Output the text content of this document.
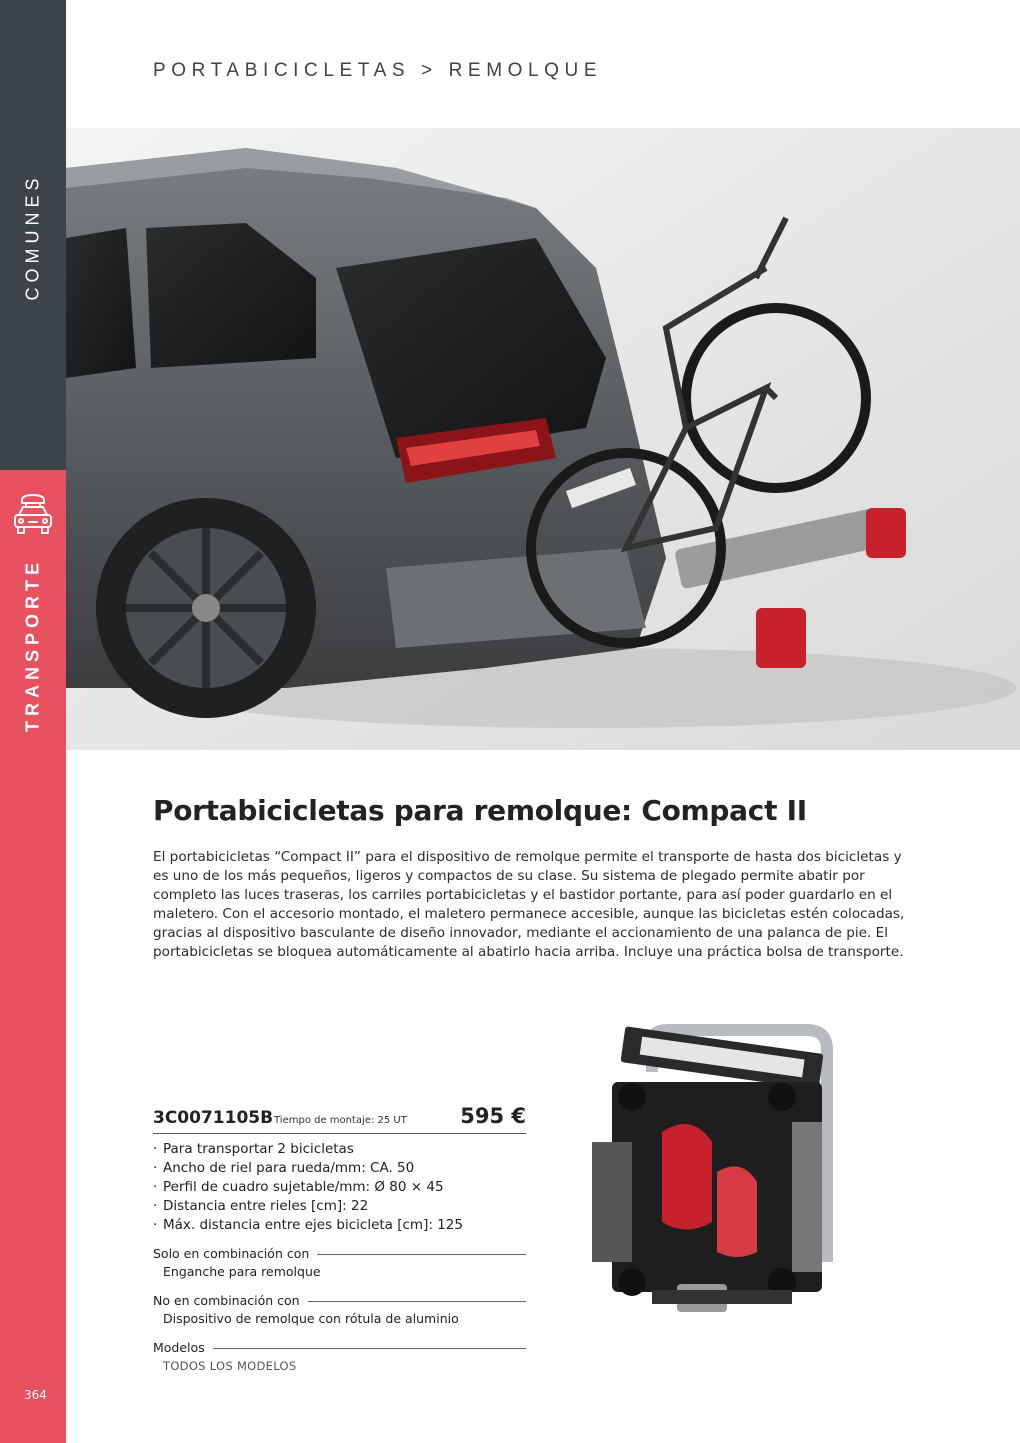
COMUNES
TRANSPORTE
364
PORTABICICLETAS > REMOLQUE
Portabicicletas para remolque: Compact II
El portabicicletas “Compact II” para el dispositivo de remolque permite el transporte de hasta dos bicicletas y es uno de los más pequeños, ligeros y compactos de su clase. Su sistema de plegado permite abatir por completo las luces traseras, los carriles portabicicletas y el bastidor portante, para así poder guardarlo en el maletero. Con el accesorio montado, el maletero permanece accesible, aunque las bicicletas estén colocadas, gracias al dispositivo basculante de diseño innovador, mediante el accionamiento de una palanca de pie. El portabicicletas se bloquea automáticamente al abatirlo hacia arriba. Incluye una práctica bolsa de transporte.
3C0071105B Tiempo de montaje: 25 UT	595 €
· Para transportar 2 bicicletas
· Ancho de riel para rueda/mm: CA. 50
· Perfil de cuadro sujetable/mm: Ø 80 × 45
· Distancia entre rieles [cm]: 22
· Máx. distancia entre ejes bicicleta [cm]: 125
Solo en combinación con
Enganche para remolque
No en combinación con
Dispositivo de remolque con rótula de aluminio
Modelos
TODOS LOS MODELOS
